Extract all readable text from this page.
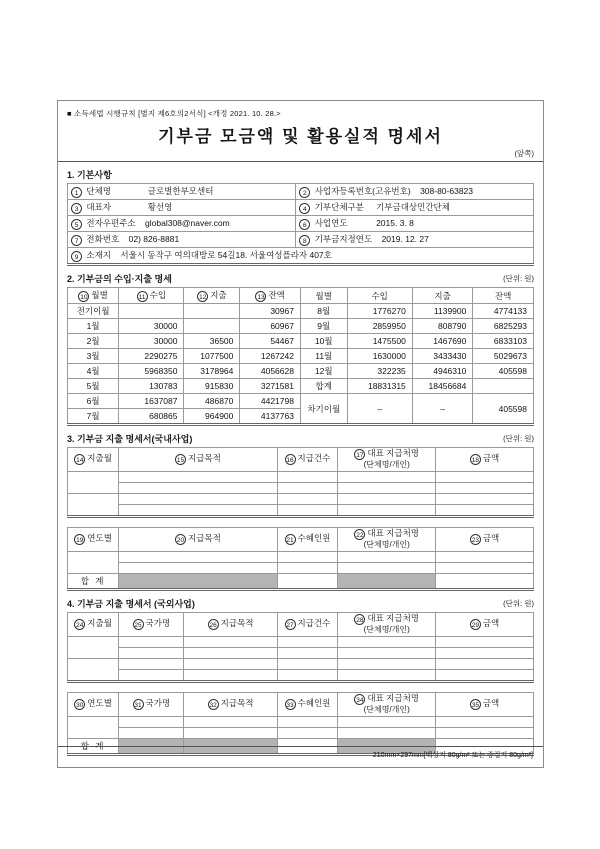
■ 소득세법 시행규칙 [별지 제6호의2서식] <개정 2021. 10. 28.>
기부금 모금액 및 활용실적 명세서
(앞쪽)
1. 기본사항
1 단체명 글로벌한부모센터	2 사업자등록번호(고유번호) 308-80-63823
3 대표자 황선영	4 기부단체구분 기부금대상민간단체
5 전자우편주소 global308@naver.com	6 사업연도 2015. 3. 8
7 전화번호 02) 826-8881	8 기부금지정연도 2019. 12. 27
9 소재지 서울시 동작구 여의대방로 54길18. 서울여성플라자 407호	
2. 기부금의 수입·지출 명세	(단위: 원)
10 월별	11 수입	12 지출	13 잔액	월별	수입	지출	잔액
전기이월			30967	8월	1776270	1139900	4774133
1월	30000		60967	9월	2859950	808790	6825293
2월	30000	36500	54467	10월	1475500	1467690	6833103
3월	2290275	1077500	1267242	11월	1630000	3433430	5029673
4월	5968350	3178964	4056628	12월	322235	4946310	405598
5월	130783	915830	3271581	합계	18831315	18456684	
6월	1637087	486870	4421798	차기이월	–	–	405598
7월	680865	964900	4137763				
3. 기부금 지출 명세서(국내사업)	(단위: 원)
14 지출월	15 지급목적	16 지급건수	17 대표 지급처명
(단체명/개인)	18 금액

19 연도별	20 지급목적	21 수혜인원	22 대표 지급처명
(단체명/개인)	23 금액

합 계				
4. 기부금 지출 명세서 (국외사업)	(단위: 원)
24 지출월	25 국가명	26 지급목적	27 지급건수	28 대표 지급처명
(단체명/개인)	29 금액

30 연도별	31 국가명	32 지급목적	33 수혜인원	34 대표 지급처명
(단체명/개인)	35 금액

합 계					
210mm×297mm[백상지 80g/m² 또는 중질지 80g/m²]
